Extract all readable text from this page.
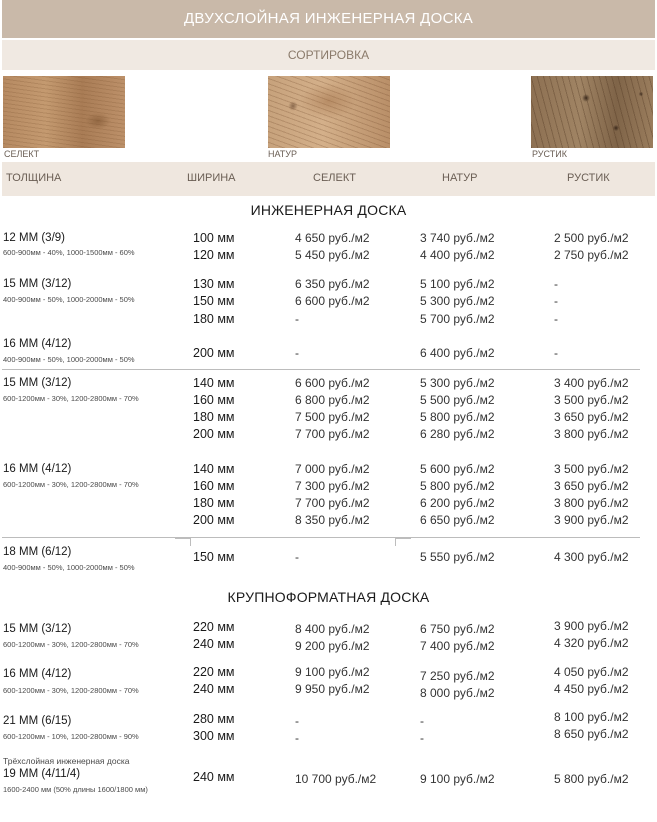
ДВУХСЛОЙНАЯ ИНЖЕНЕРНАЯ ДОСКА
СОРТИРОВКА
СЕЛЕКТ	НАТУР	РУСТИК
ТОЛЩИНА	ШИРИНА	СЕЛЕКТ	НАТУР	РУСТИК
ИНЖЕНЕРНАЯ ДОСКА
12 ММ (3/9)
600-900мм - 40%, 1000-1500мм - 60%
100 мм	4 650 руб./м2	3 740 руб./м2	2 500 руб./м2
120 мм	5 450 руб./м2	4 400 руб./м2	2 750 руб./м2
15 ММ (3/12)
400-900мм - 50%, 1000-2000мм - 50%
130 мм	6 350 руб./м2	5 100 руб./м2	-
150 мм	6 600 руб./м2	5 300 руб./м2	-
180 мм	-	5 700 руб./м2	-
16 ММ (4/12)
400-900мм - 50%, 1000-2000мм - 50%	200 мм	-	6 400 руб./м2	-
15 ММ (3/12)
600-1200мм - 30%, 1200-2800мм - 70%
140 мм	6 600 руб./м2	5 300 руб./м2	3 400 руб./м2
160 мм	6 800 руб./м2	5 500 руб./м2	3 500 руб./м2
180 мм	7 500 руб./м2	5 800 руб./м2	3 650 руб./м2
200 мм	7 700 руб./м2	6 280 руб./м2	3 800 руб./м2
16 ММ (4/12)
600-1200мм - 30%, 1200-2800мм - 70%
140 мм	7 000 руб./м2	5 600 руб./м2	3 500 руб./м2
160 мм	7 300 руб./м2	5 800 руб./м2	3 650 руб./м2
180 мм	7 700 руб./м2	6 200 руб./м2	3 800 руб./м2
200 мм	8 350 руб./м2	6 650 руб./м2	3 900 руб./м2
18 ММ (6/12)
400-900мм - 50%, 1000-2000мм - 50%
150 мм	-	5 550 руб./м2	4 300 руб./м2
КРУПНОФОРМАТНАЯ ДОСКА
15 ММ (3/12)
600-1200мм - 30%, 1200-2800мм - 70%
220 мм	8 400 руб./м2	6 750 руб./м2	3 900 руб./м2
240 мм	9 200 руб./м2	7 400 руб./м2	4 320 руб./м2
16 ММ (4/12)
600-1200мм - 30%, 1200-2800мм - 70%
220 мм	9 100 руб./м2	7 250 руб./м2	4 050 руб./м2
240 мм	9 950 руб./м2	8 000 руб./м2	4 450 руб./м2
21 ММ (6/15)
600-1200мм - 10%, 1200-2800мм - 90%
280 мм	-	-	8 100 руб./м2
300 мм	-	-	8 650 руб./м2
Трёхслойная инженерная доска
19 ММ (4/11/4)
1600-2400 мм (50% длины 1600/1800 мм)
240 мм	10 700 руб./м2	9 100 руб./м2	5 800 руб./м2
